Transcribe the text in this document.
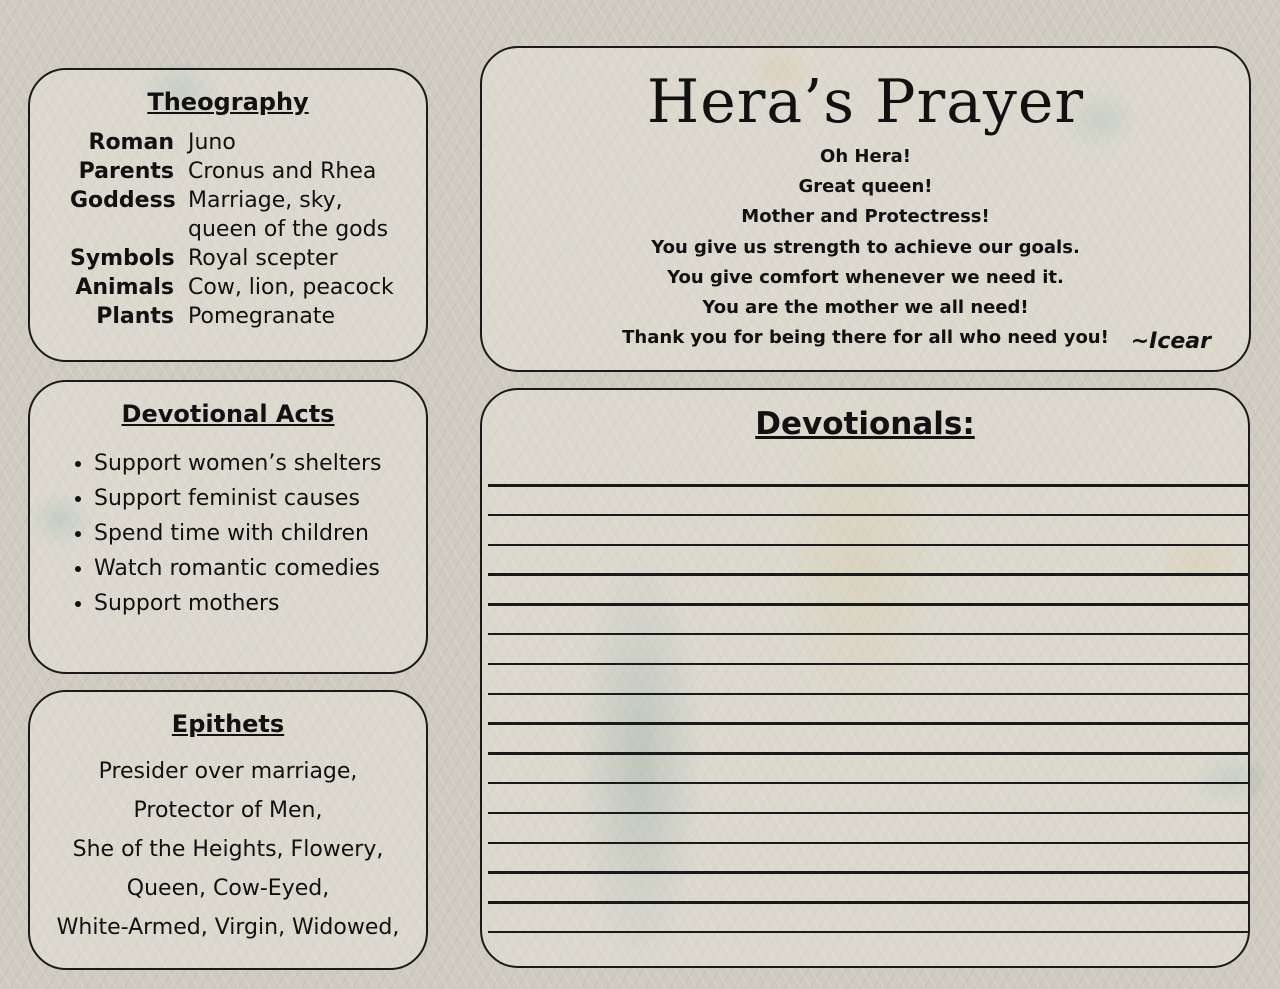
Theography
Roman Juno
Parents Cronus and Rhea
Goddess Marriage, sky,
queen of the gods
Symbols Royal scepter
Animals Cow, lion, peacock
Plants Pomegranate
Devotional Acts
• Support women’s shelters
• Support feminist causes
• Spend time with children
• Watch romantic comedies
• Support mothers
Epithets
Presider over marriage,
Protector of Men,
She of the Heights, Flowery,
Queen, Cow-Eyed,
White-Armed, Virgin, Widowed,
Hera’s Prayer
Oh Hera!
Great queen!
Mother and Protectress!
You give us strength to achieve our goals.
You give comfort whenever we need it.
You are the mother we all need!
Thank you for being there for all who need you! ~Icear
Devotionals:
